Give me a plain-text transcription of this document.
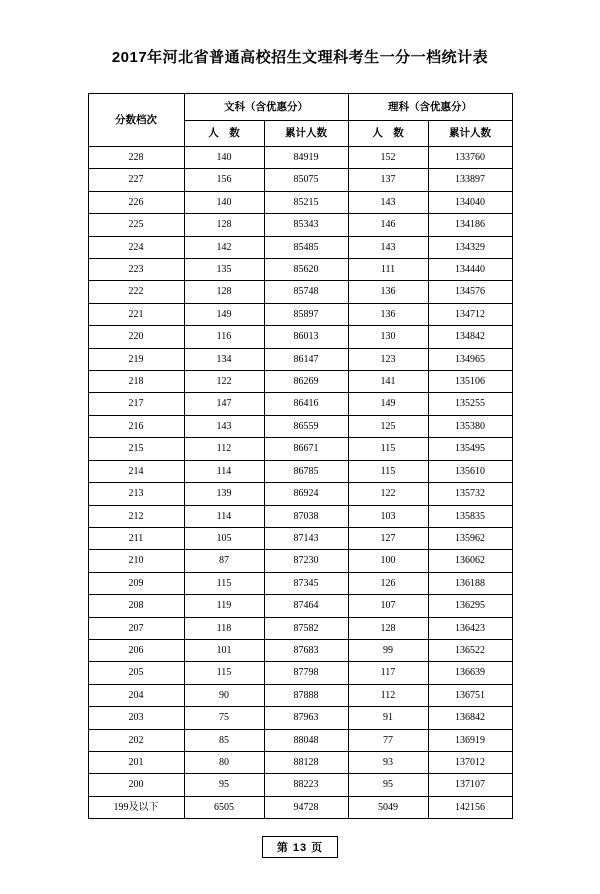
2017年河北省普通高校招生文理科考生一分一档统计表
分数档次	文科（含优惠分）		理科（含优惠分）	
	人　数	累计人数	人　数	累计人数
228	140	84919	152	133760
227	156	85075	137	133897
226	140	85215	143	134040
225	128	85343	146	134186
224	142	85485	143	134329
223	135	85620	111	134440
222	128	85748	136	134576
221	149	85897	136	134712
220	116	86013	130	134842
219	134	86147	123	134965
218	122	86269	141	135106
217	147	86416	149	135255
216	143	86559	125	135380
215	112	86671	115	135495
214	114	86785	115	135610
213	139	86924	122	135732
212	114	87038	103	135835
211	105	87143	127	135962
210	87	87230	100	136062
209	115	87345	126	136188
208	119	87464	107	136295
207	118	87582	128	136423
206	101	87683	99	136522
205	115	87798	117	136639
204	90	87888	112	136751
203	75	87963	91	136842
202	85	88048	77	136919
201	80	88128	93	137012
200	95	88223	95	137107
199及以下	6505	94728	5049	142156
第 13 页
